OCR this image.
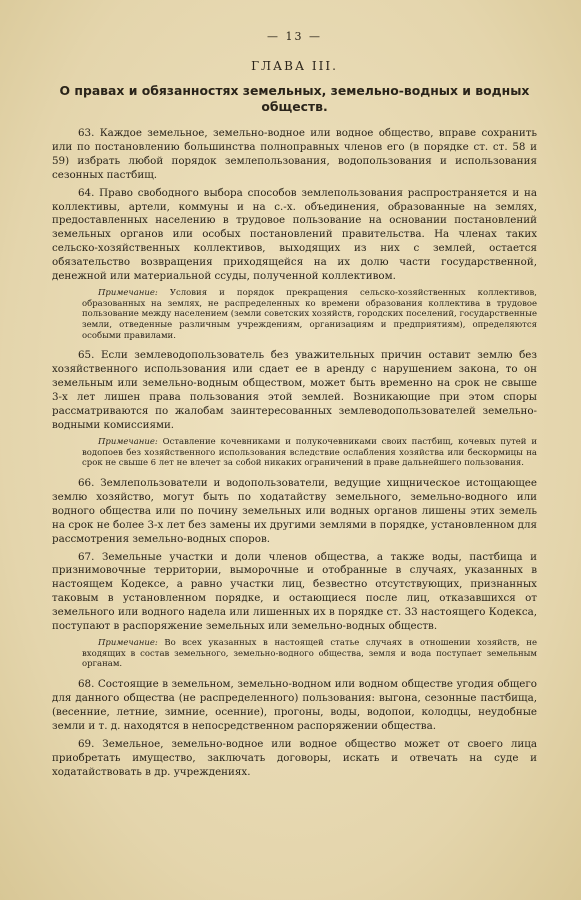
— 13 —
ГЛАВА III.
О правах и обязанностях земельных, земельно-водных и водных обществ.

63. Каждое земельное, земельно-водное или водное общество, вправе сохранить или по постановлению большинства полноправных членов его (в порядке ст. ст. 58 и 59) избрать любой порядок землепользования, водопользования и использования сезонных пастбищ.

64. Право свободного выбора способов землепользования распространяется и на коллективы, артели, коммуны и на с.-х. объединения, образованные на землях, предоставленных населению в трудовое пользование на основании постановлений земельных органов или особых постановлений правительства. На членах таких сельско-хозяйственных коллективов, выходящих из них с землей, остается обязательство возвращения приходящейся на их долю части государственной, денежной или материальной ссуды, полученной коллективом.

Примечание: Условия и порядок прекращения сельско-хозяйственных коллективов, образованных на землях, не распределенных ко времени образования коллектива в трудовое пользование между населением (земли советских хозяйств, городских поселений, государственные земли, отведенные различным учреждениям, организациям и предприятиям), определяются особыми правилами.

65. Если землеводопользователь без уважительных причин оставит землю без хозяйственного использования или сдает ее в аренду с нарушением закона, то он земельным или земельно-водным обществом, может быть временно на срок не свыше 3-х лет лишен права пользования этой землей. Возникающие при этом споры рассматриваются по жалобам заинтересованных землеводопользователей земельно-водными комиссиями.

Примечание: Оставление кочевниками и полукочевниками своих пастбищ, кочевых путей и водопоев без хозяйственного использования вследствие ослабления хозяйства или бескормицы на срок не свыше 6 лет не влечет за собой никаких ограничений в праве дальнейшего пользования.

66. Землепользователи и водопользователи, ведущие хищническое истощающее землю хозяйство, могут быть по ходатайству земельного, земельно-водного или водного общества или по почину земельных или водных органов лишены этих земель на срок не более 3-х лет без замены их другими землями в порядке, установленном для рассмотрения земельно-водных споров.

67. Земельные участки и доли членов общества, а также воды, пастбища и признимовочные территории, выморочные и отобранные в случаях, указанных в настоящем Кодексе, а равно участки лиц, безвестно отсутствующих, признанных таковым в установленном порядке, и остающиеся после лиц, отказавшихся от земельного или водного надела или лишенных их в порядке ст. 33 настоящего Кодекса, поступают в распоряжение земельных или земельно-водных обществ.

Примечание: Во всех указанных в настоящей статье случаях в отношении хозяйств, не входящих в состав земельного, земельно-водного общества, земля и вода поступает земельным органам.

68. Состоящие в земельном, земельно-водном или водном обществе угодия общего для данного общества (не распределенного) пользования: выгона, сезонные пастбища, (весенние, летние, зимние, осенние), прогоны, воды, водопои, колодцы, неудобные земли и т. д. находятся в непосредственном распоряжении общества.

69. Земельное, земельно-водное или водное общество может от своего лица приобретать имущество, заключать договоры, искать и отвечать на суде и ходатайствовать в др. учреждениях.
